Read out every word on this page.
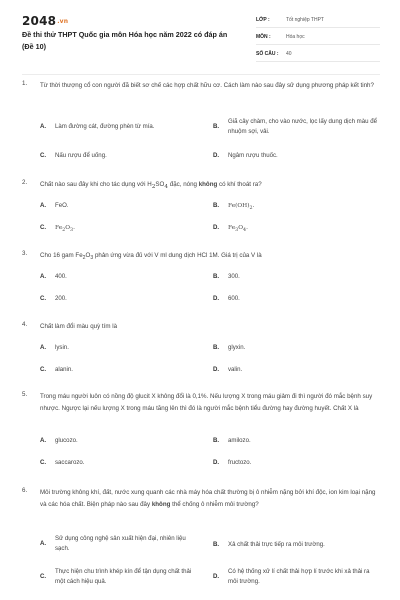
2048.vn
Đề thi thử THPT Quốc gia môn Hóa học năm 2022 có đáp án (Đề 10)
LỚP :	Tốt nghiệp THPT
MÔN :	Hóa học
SỐ CÂU :	40
1. Từ thời thượng cổ con người đã biết sơ chế các hợp chất hữu cơ. Cách làm nào sau đây sử dụng phương pháp kết tinh?
A. Làm đường cát, đường phèn từ mía.	B.
Giã cây chàm, cho vào nước, lọc lấy dung dịch màu để nhuộm sợi, vải.
C. Nấu rượu để uống.	D. Ngâm rượu thuốc.
2. Chất nào sau đây khi cho tác dụng với $H_2SO_4$ đặc, nóng không có khí thoát ra?
A. FeO.	B. $Fe(OH)_2$.
C. $Fe_2O_3$.	D. $Fe_3O_4$.
3. Cho 16 gam $Fe_2O_3$ phản ứng vừa đủ với V ml dung dịch HCl 1M. Giá trị của V là
A. 400.	B. 300.
C. 200.	D. 600.
4. Chất làm đổi màu quỳ tím là
A. lysin.	B. glyxin.
C. alanin.	D. valin.
5. Trong máu người luôn có nồng độ glucit X không đổi là 0,1%. Nếu lượng X trong máu giảm đi thì người đó mắc bệnh suy nhược. Ngược lại nếu lượng X trong máu tăng lên thì đó là người mắc bệnh tiểu đường hay đường huyết. Chất X là
A. glucozo.	B. amilozo.
C. saccarozo.	D. fructozo.
6. Môi trường không khí, đất, nước xung quanh các nhà máy hóa chất thường bị ô nhiễm nặng bởi khí độc, ion kim loại nặng và các hóa chất. Biện pháp nào sau đây không thể chống ô nhiễm môi trường?
A.
Sử dụng công nghệ sản xuất hiện đại, nhiên liệu sạch.
B. Xả chất thải trực tiếp ra môi trường.
C.
Thực hiện chu trình khép kín để tận dụng chất thải một cách hiệu quả.
D.
Có hệ thống xử lí chất thải hợp lí trước khi xả thải ra môi trường.
